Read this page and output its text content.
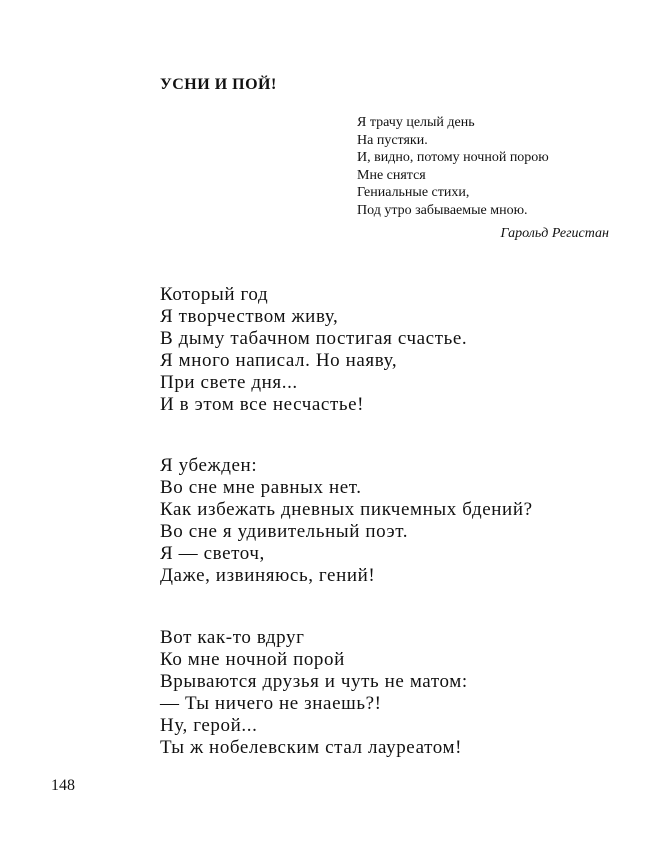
УСНИ И ПОЙ!
Я трачу целый день
На пустяки.
И, видно, потому ночной порою
Мне снятся
Гениальные стихи,
Под утро забываемые мною.
Гарольд Регистан
Который год
Я творчеством живу,
В дыму табачном постигая счастье.
Я много написал. Но наяву,
При свете дня...
И в этом все несчастье!
Я убежден:
Во сне мне равных нет.
Как избежать дневных пикчемных бдений?
Во сне я удивительный поэт.
Я — светоч,
Даже, извиняюсь, гений!
Вот как-то вдруг
Ко мне ночной порой
Врываются друзья и чуть не матом:
— Ты ничего не знаешь?!
Ну, герой...
Ты ж нобелевским стал лауреатом!
148
